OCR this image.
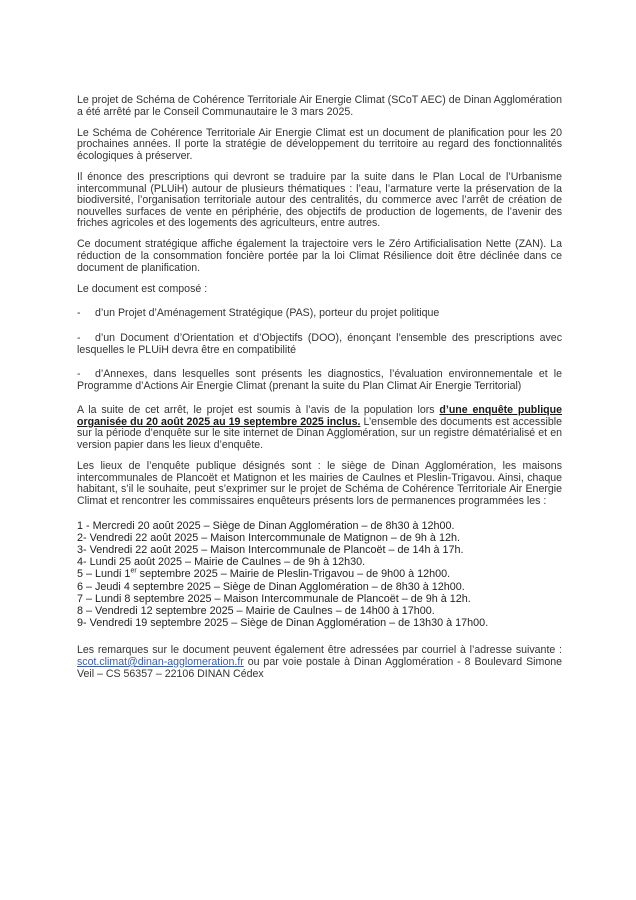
Le projet de Schéma de Cohérence Territoriale Air Energie Climat (SCoT AEC) de Dinan Agglomération a été arrêté par le Conseil Communautaire le 3 mars 2025.

Le Schéma de Cohérence Territoriale Air Energie Climat est un document de planification pour les 20 prochaines années. Il porte la stratégie de développement du territoire au regard des fonctionnalités écologiques à préserver.

Il énonce des prescriptions qui devront se traduire par la suite dans le Plan Local de l’Urbanisme intercommunal (PLUiH) autour de plusieurs thématiques : l’eau, l’armature verte la préservation de la biodiversité, l’organisation territoriale autour des centralités, du commerce avec l’arrêt de création de nouvelles surfaces de vente en périphérie, des objectifs de production de logements, de l’avenir des friches agricoles et des logements des agriculteurs, entre autres.

Ce document stratégique affiche également la trajectoire vers le Zéro Artificialisation Nette (ZAN). La réduction de la consommation foncière portée par la loi Climat Résilience doit être déclinée dans ce document de planification.

Le document est composé :

- d’un Projet d’Aménagement Stratégique (PAS), porteur du projet politique

- d’un Document d’Orientation et d’Objectifs (DOO), énonçant l’ensemble des prescriptions avec lesquelles le PLUiH devra être en compatibilité

- d’Annexes, dans lesquelles sont présents les diagnostics, l’évaluation environnementale et le Programme d’Actions Air Energie Climat (prenant la suite du Plan Climat Air Energie Territorial)

A la suite de cet arrêt, le projet est soumis à l’avis de la population lors d’une enquête publique organisée du 20 août 2025 au 19 septembre 2025 inclus. L’ensemble des documents est accessible sur la période d’enquête sur le site internet de Dinan Agglomération, sur un registre dématérialisé et en version papier dans les lieux d’enquête.

Les lieux de l’enquête publique désignés sont : le siège de Dinan Agglomération, les maisons intercommunales de Plancoët et Matignon et les mairies de Caulnes et Pleslin-Trigavou. Ainsi, chaque habitant, s’il le souhaite, peut s’exprimer sur le projet de Schéma de Cohérence Territoriale Air Energie Climat et rencontrer les commissaires enquêteurs présents lors de permanences programmées les :

1 - Mercredi 20 août 2025 – Siège de Dinan Agglomération – de 8h30 à 12h00.
2- Vendredi 22 août 2025 – Maison Intercommunale de Matignon – de 9h à 12h.
3- Vendredi 22 août 2025 – Maison Intercommunale de Plancoët – de 14h à 17h.
4- Lundi 25 août 2025 – Mairie de Caulnes – de 9h à 12h30.
5 – Lundi 1er septembre 2025 – Mairie de Pleslin-Trigavou – de 9h00 à 12h00.
6 – Jeudi 4 septembre 2025 – Siège de Dinan Agglomération – de 8h30 à 12h00.
7 – Lundi 8 septembre 2025 – Maison Intercommunale de Plancoët – de 9h à 12h.
8 – Vendredi 12 septembre 2025 – Mairie de Caulnes – de 14h00 à 17h00.
9- Vendredi 19 septembre 2025 – Siège de Dinan Agglomération – de 13h30 à 17h00.

Les remarques sur le document peuvent également être adressées par courriel à l’adresse suivante : scot.climat@dinan-agglomeration.fr ou par voie postale à Dinan Agglomération - 8 Boulevard Simone Veil – CS 56357 – 22106 DINAN Cédex
